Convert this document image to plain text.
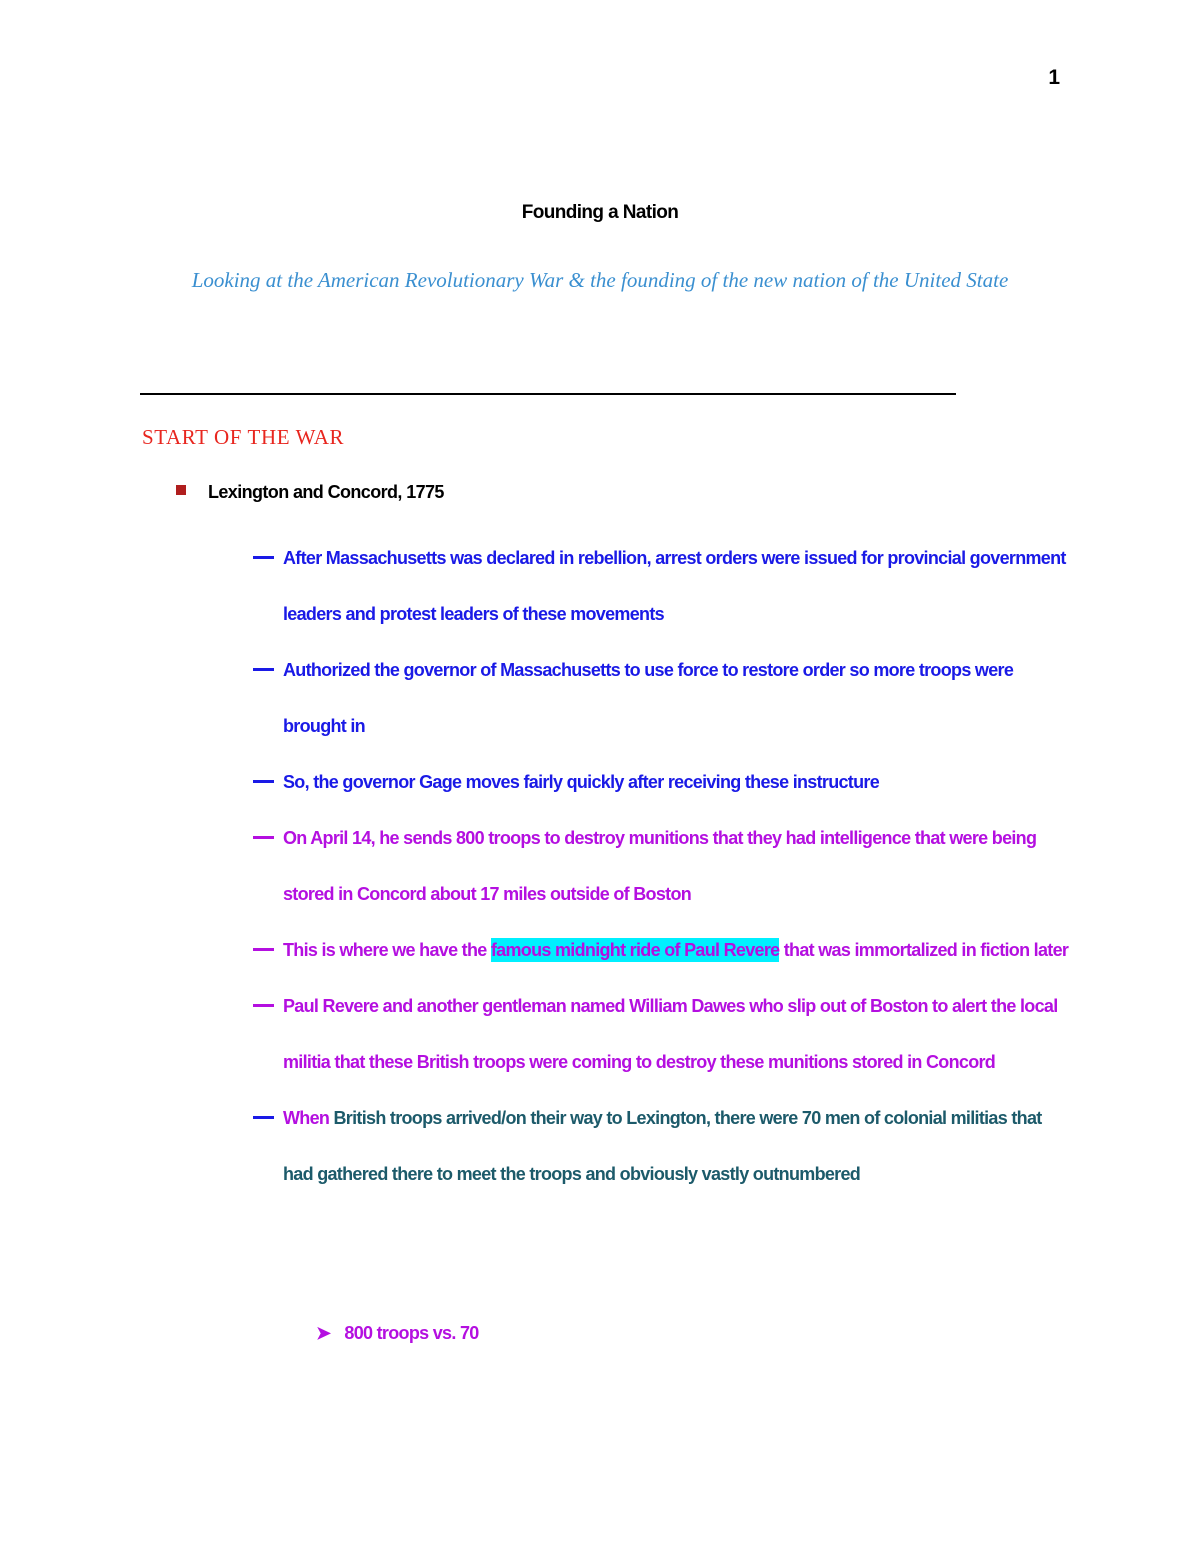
1
Founding a Nation
Looking at the American Revolutionary War & the founding of the new nation of the United State
START OF THE WAR
Lexington and Concord, 1775
After Massachusetts was declared in rebellion, arrest orders were issued for provincial government leaders and protest leaders of these movements
Authorized the governor of Massachusetts to use force to restore order so more troops were brought in
So, the governor Gage moves fairly quickly after receiving these instructure
On April 14, he sends 800 troops to destroy munitions that they had intelligence that were being stored in Concord about 17 miles outside of Boston
This is where we have the famous midnight ride of Paul Revere that was immortalized in fiction later
Paul Revere and another gentleman named William Dawes who slip out of Boston to alert the local militia that these British troops were coming to destroy these munitions stored in Concord
When British troops arrived/on their way to Lexington, there were 70 men of colonial militias that had gathered there to meet the troops and obviously vastly outnumbered
➤ 800 troops vs. 70
